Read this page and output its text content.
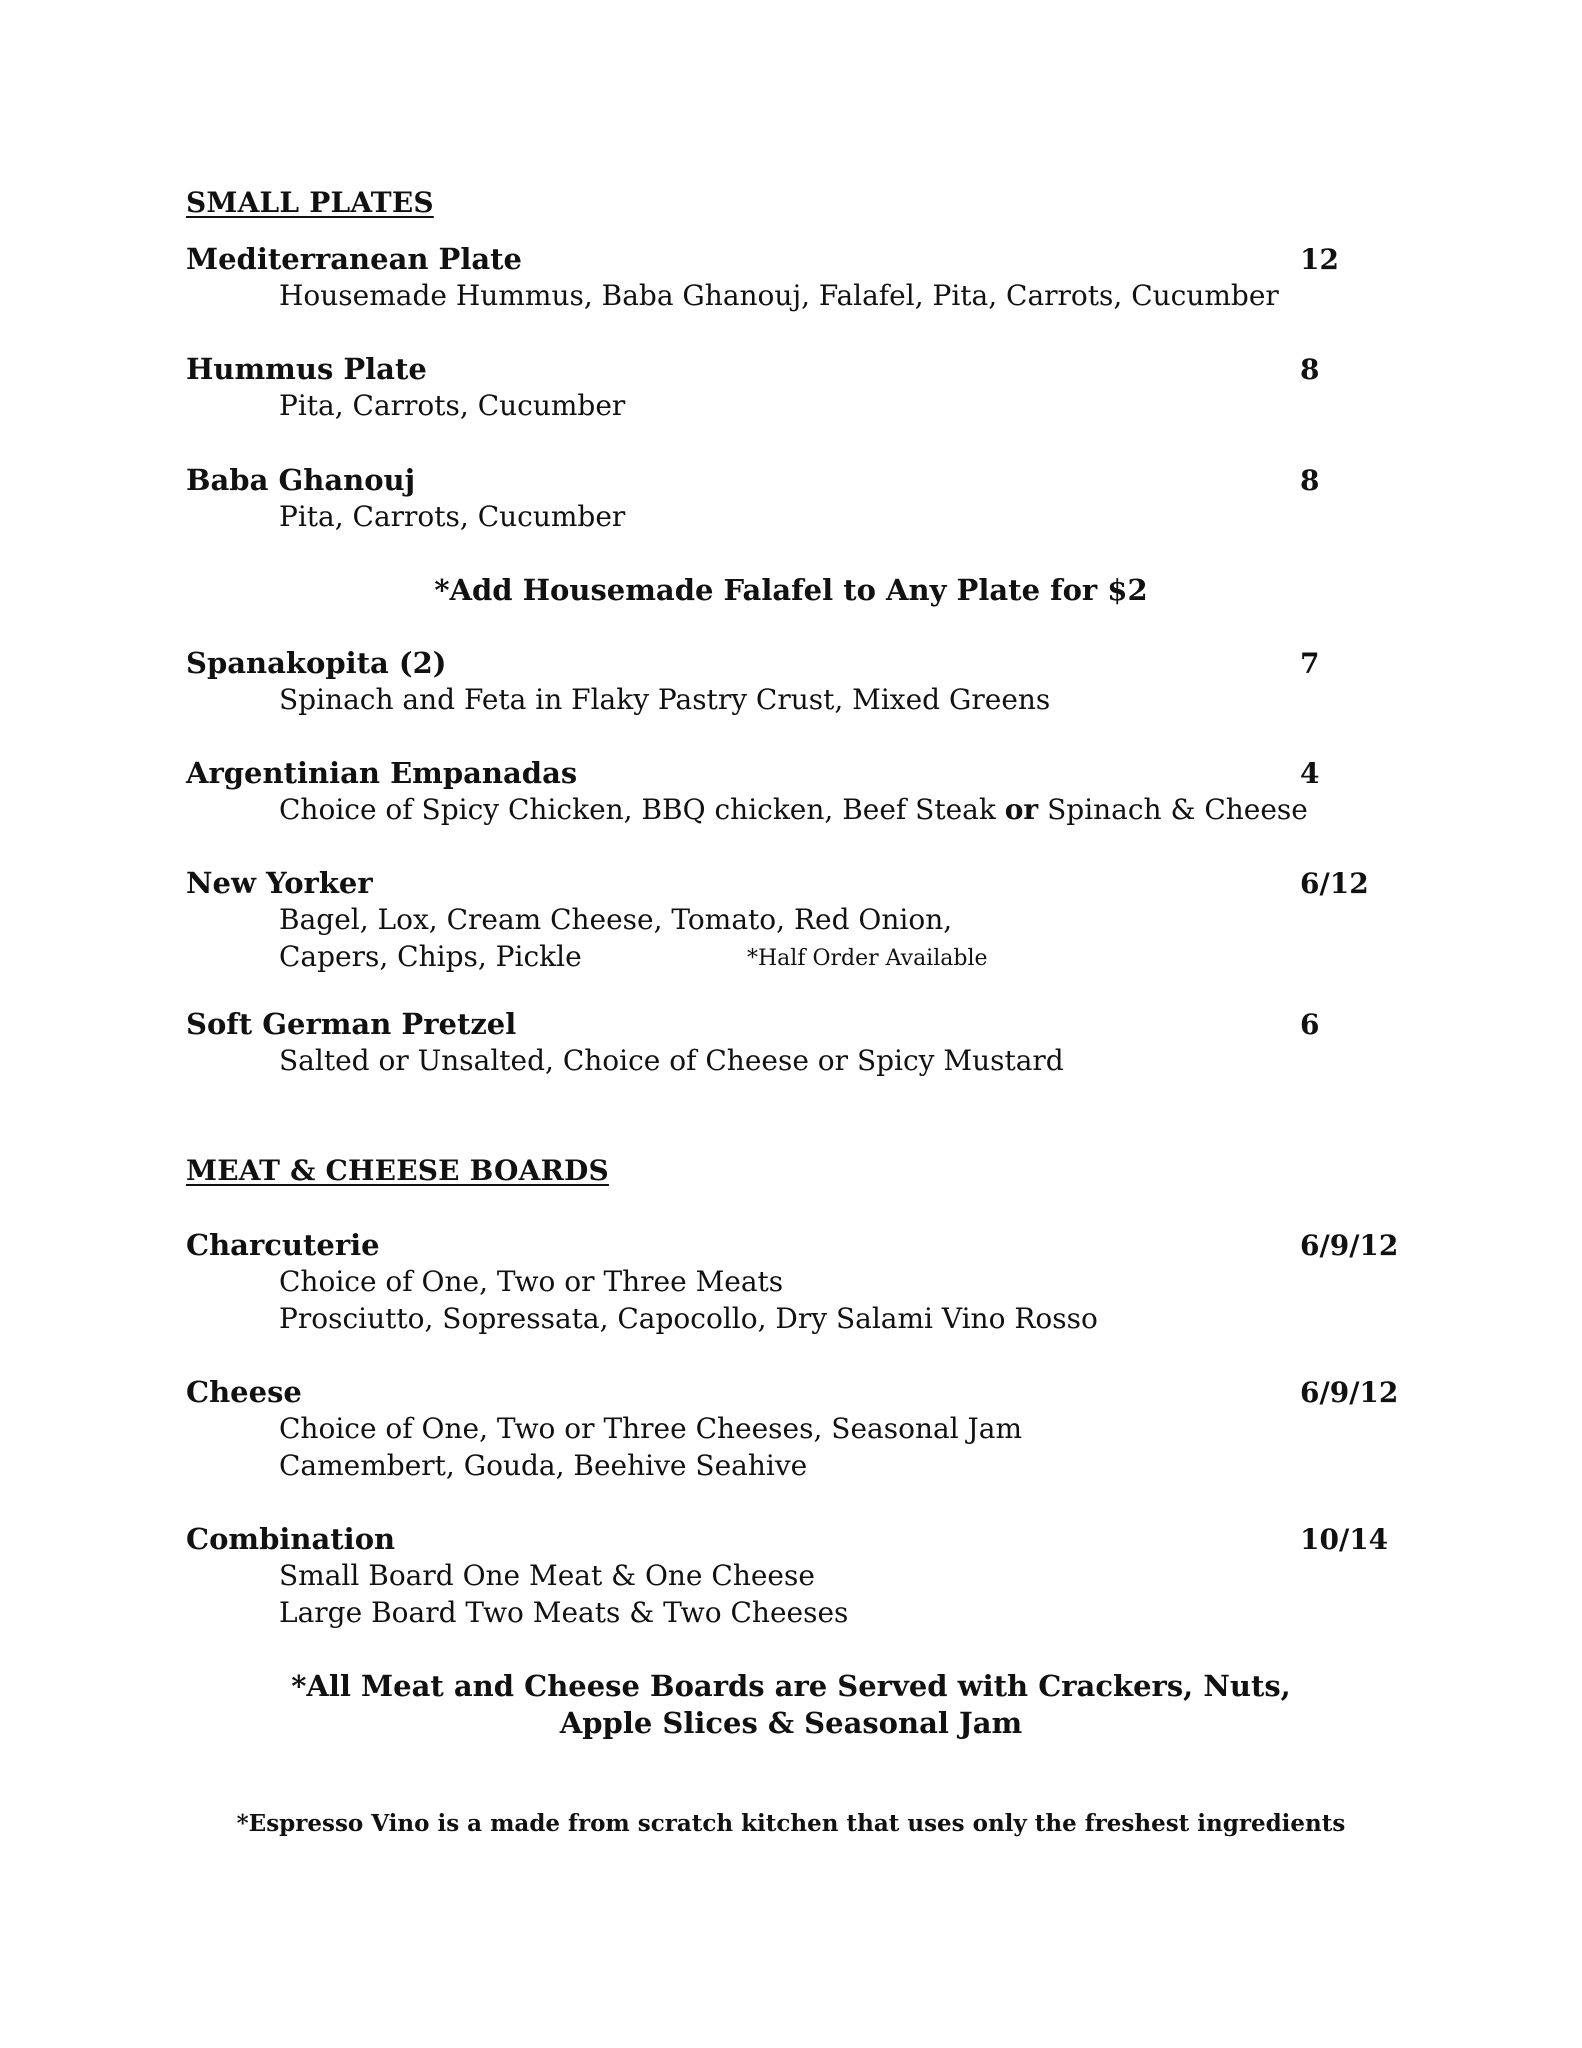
SMALL PLATES
Mediterranean Plate	12
Housemade Hummus, Baba Ghanouj, Falafel, Pita, Carrots, Cucumber
Hummus Plate	8
Pita, Carrots, Cucumber
Baba Ghanouj	8
Pita, Carrots, Cucumber
*Add Housemade Falafel to Any Plate for $2
Spanakopita (2)	7
Spinach and Feta in Flaky Pastry Crust, Mixed Greens
Argentinian Empanadas	4
Choice of Spicy Chicken, BBQ chicken, Beef Steak or Spinach & Cheese
New Yorker	6/12
Bagel, Lox, Cream Cheese, Tomato, Red Onion,
Capers, Chips, Pickle	*Half Order Available
Soft German Pretzel	6
Salted or Unsalted, Choice of Cheese or Spicy Mustard
MEAT & CHEESE BOARDS
Charcuterie	6/9/12
Choice of One, Two or Three Meats
Prosciutto, Sopressata, Capocollo, Dry Salami Vino Rosso
Cheese	6/9/12
Choice of One, Two or Three Cheeses, Seasonal Jam
Camembert, Gouda, Beehive Seahive
Combination	10/14
Small Board One Meat & One Cheese
Large Board Two Meats & Two Cheeses
*All Meat and Cheese Boards are Served with Crackers, Nuts,
Apple Slices & Seasonal Jam
*Espresso Vino is a made from scratch kitchen that uses only the freshest ingredients
